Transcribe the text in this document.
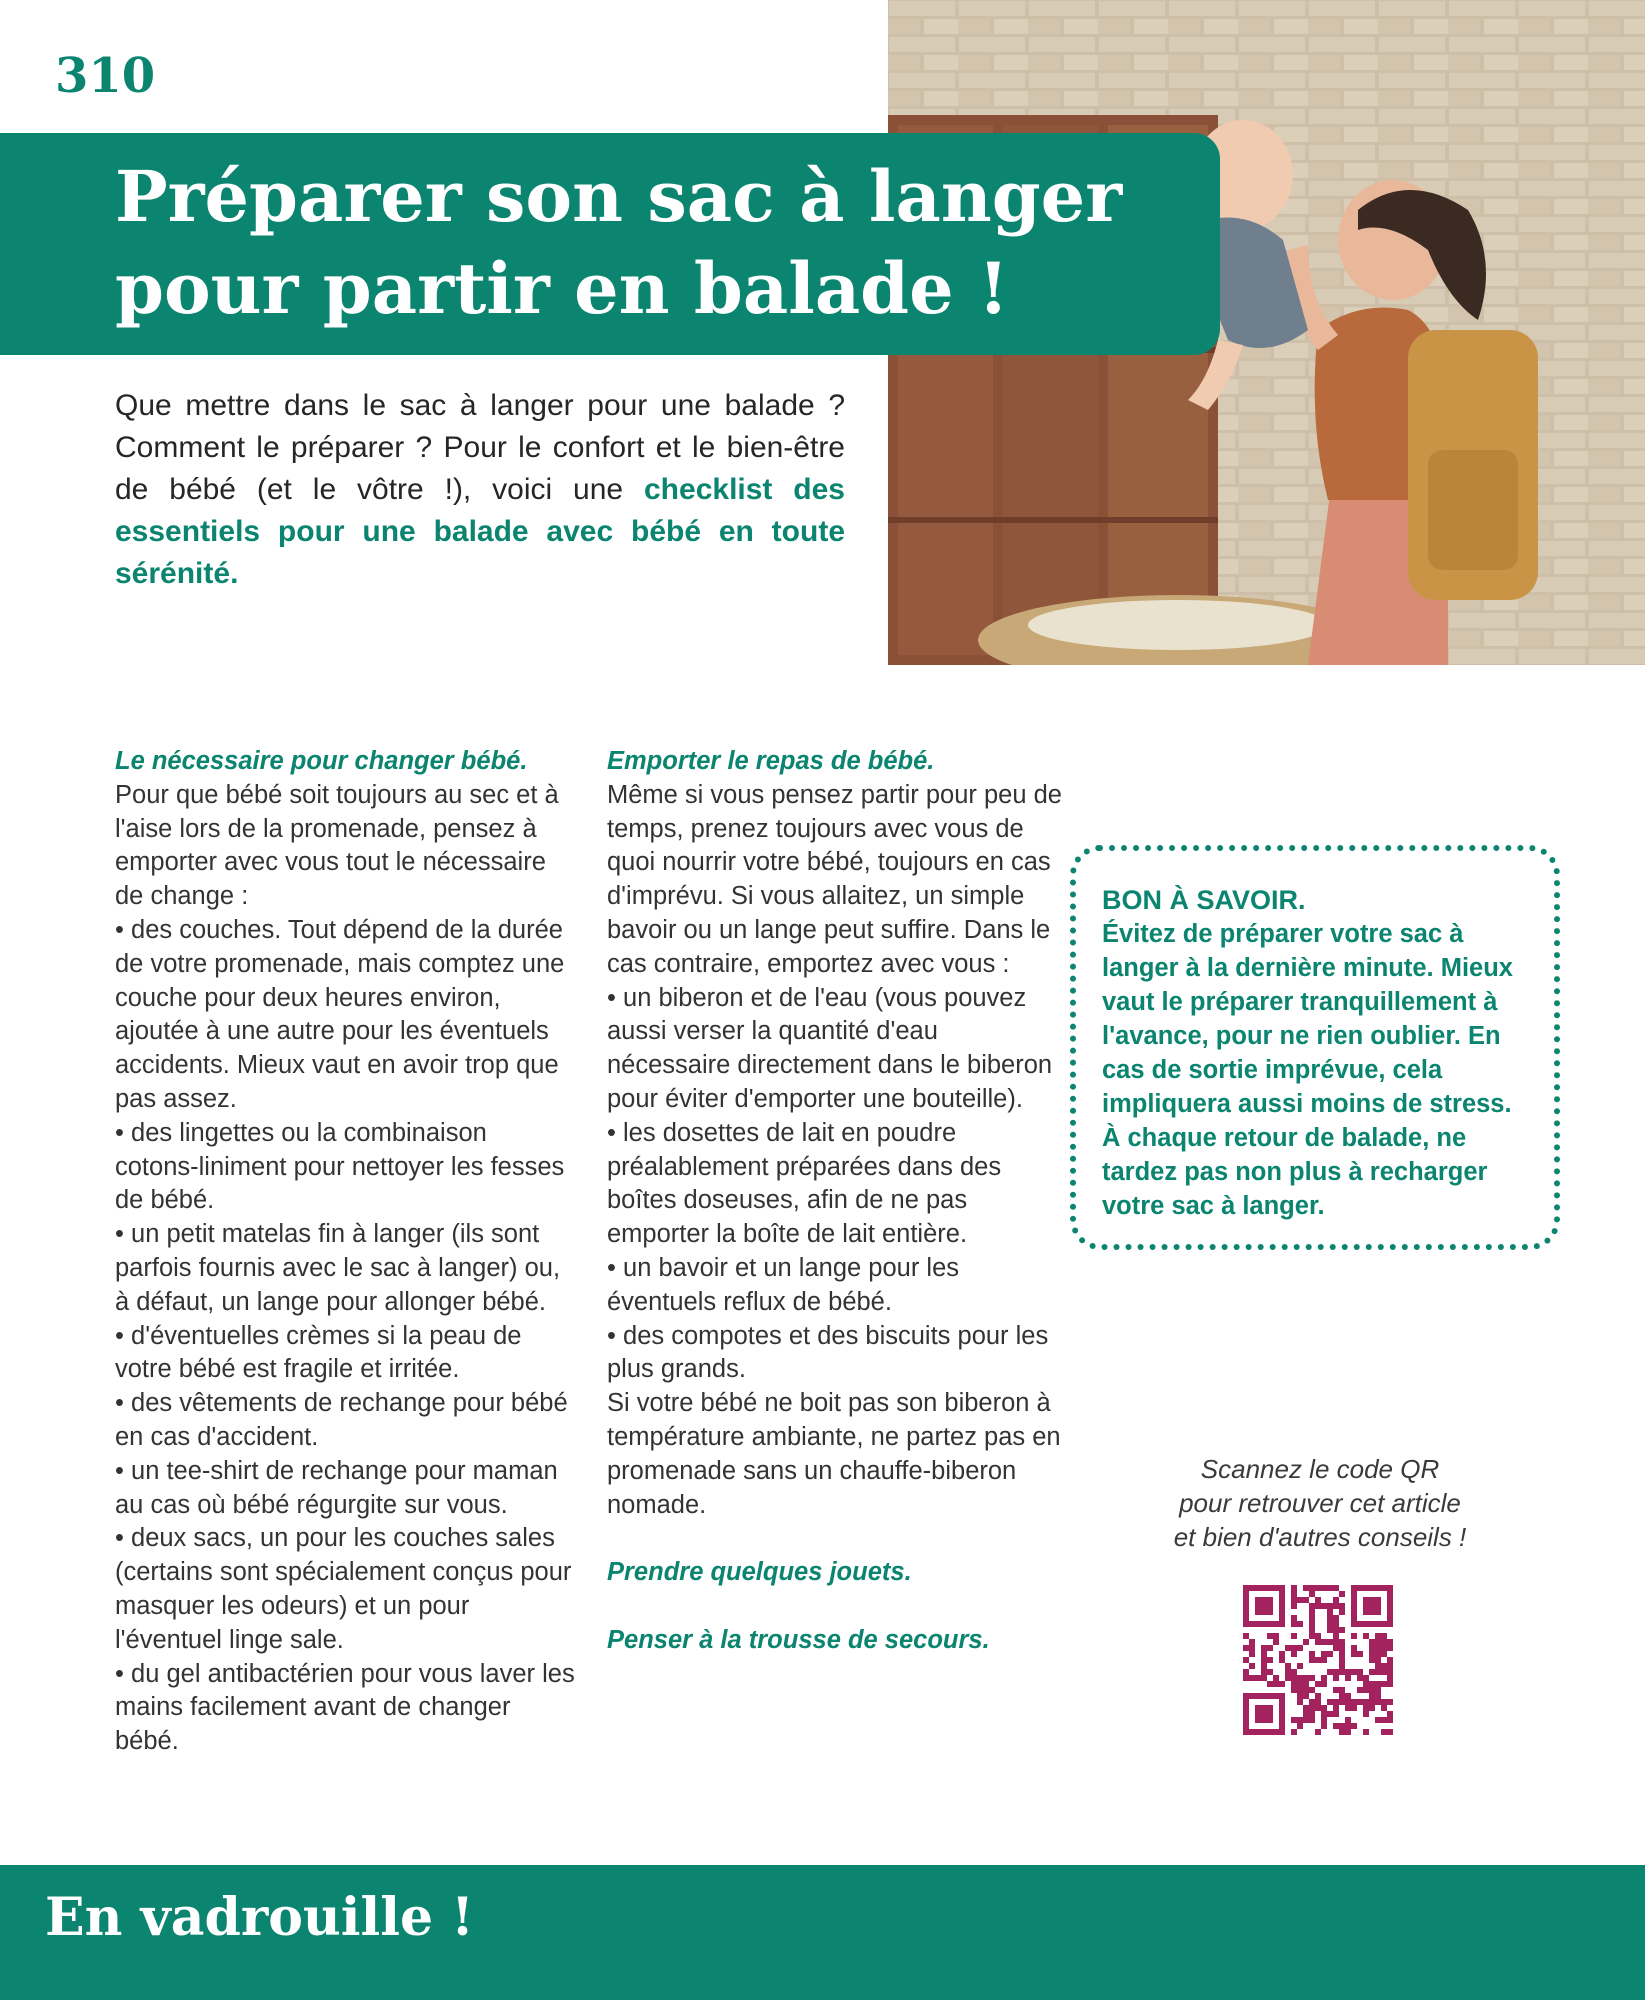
310
Préparer son sac à langer
pour partir en balade !

Que mettre dans le sac à langer pour une balade ? Comment le préparer ? Pour le confort et le bien-être de bébé (et le vôtre !), voici une checklist des essentiels pour une balade avec bébé en toute sérénité.

Le nécessaire pour changer bébé.

Pour que bébé soit toujours au sec et à l'aise lors de la promenade, pensez à emporter avec vous tout le nécessaire de change :

• des couches. Tout dépend de la durée de votre promenade, mais comptez une couche pour deux heures environ, ajoutée à une autre pour les éventuels accidents. Mieux vaut en avoir trop que pas assez.

• des lingettes ou la combinaison cotons-liniment pour nettoyer les fesses de bébé.

• un petit matelas fin à langer (ils sont parfois fournis avec le sac à langer) ou, à défaut, un lange pour allonger bébé.

• d'éventuelles crèmes si la peau de votre bébé est fragile et irritée.

• des vêtements de rechange pour bébé en cas d'accident.

• un tee-shirt de rechange pour maman au cas où bébé régurgite sur vous.

• deux sacs, un pour les couches sales (certains sont spécialement conçus pour masquer les odeurs) et un pour l'éventuel linge sale.

• du gel antibactérien pour vous laver les mains facilement avant de changer bébé.

Emporter le repas de bébé.

Même si vous pensez partir pour peu de temps, prenez toujours avec vous de quoi nourrir votre bébé, toujours en cas d'imprévu. Si vous allaitez, un simple bavoir ou un lange peut suffire. Dans le cas contraire, emportez avec vous :

• un biberon et de l'eau (vous pouvez aussi verser la quantité d'eau nécessaire directement dans le biberon pour éviter d'emporter une bouteille).

• les dosettes de lait en poudre préalablement préparées dans des boîtes doseuses, afin de ne pas emporter la boîte de lait entière.

• un bavoir et un lange pour les éventuels reflux de bébé.

• des compotes et des biscuits pour les plus grands.

Si votre bébé ne boit pas son biberon à température ambiante, ne partez pas en promenade sans un chauffe-biberon nomade.

Prendre quelques jouets.

Penser à la trousse de secours.

BON À SAVOIR.

Évitez de préparer votre sac à langer à la dernière minute. Mieux vaut le préparer tranquillement à l'avance, pour ne rien oublier. En cas de sortie imprévue, cela impliquera aussi moins de stress. À chaque retour de balade, ne tardez pas non plus à recharger votre sac à langer.

Scannez le code QR
pour retrouver cet article
et bien d'autres conseils !

En vadrouille !
